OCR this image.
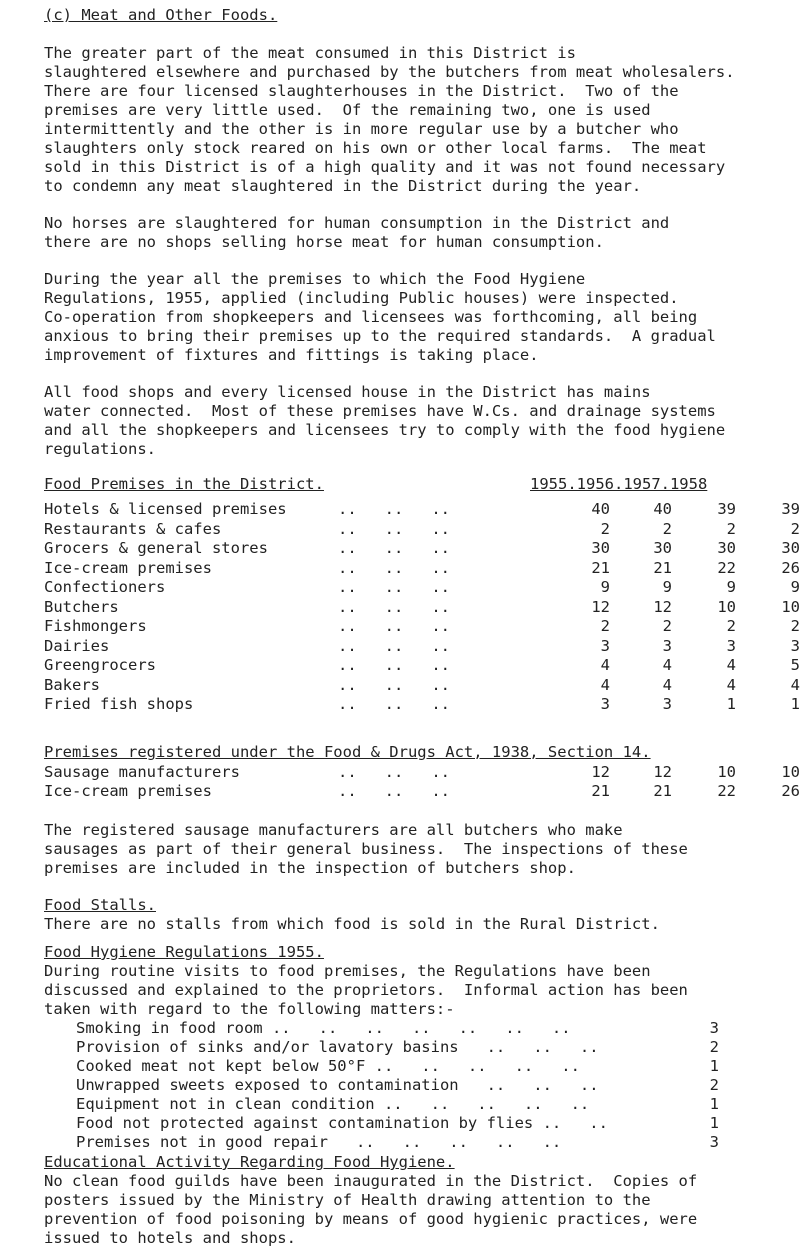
(c) Meat and Other Foods.
The greater part of the meat consumed in this District is
slaughtered elsewhere and purchased by the butchers from meat wholesalers.
There are four licensed slaughterhouses in the District.  Two of the
premises are very little used.  Of the remaining two, one is used
intermittently and the other is in more regular use by a butcher who
slaughters only stock reared on his own or other local farms.  The meat
sold in this District is of a high quality and it was not found necessary
to condemn any meat slaughtered in the District during the year.
No horses are slaughtered for human consumption in the District and
there are no shops selling horse meat for human consumption.
During the year all the premises to which the Food Hygiene
Regulations, 1955, applied (including Public houses) were inspected.
Co-operation from shopkeepers and licensees was forthcoming, all being
anxious to bring their premises up to the required standards.  A gradual
improvement of fixtures and fittings is taking place.
All food shops and every licensed house in the District has mains
water connected.  Most of these premises have W.Cs. and drainage systems
and all the shopkeepers and licensees try to comply with the food hygiene
regulations.
Food Premises in the District.	1955.1956.1957.1958
Hotels & licensed premises	..   ..   ..	40	40	39	39
Restaurants & cafes	..   ..   ..	2	2	2	2
Grocers & general stores	..   ..   ..	30	30	30	30
Ice-cream premises	..   ..   ..	21	21	22	26
Confectioners	..   ..   ..	9	9	9	9
Butchers	..   ..   ..	12	12	10	10
Fishmongers	..   ..   ..	2	2	2	2
Dairies	..   ..   ..	3	3	3	3
Greengrocers	..   ..   ..	4	4	4	5
Bakers	..   ..   ..	4	4	4	4
Fried fish shops	..   ..   ..	3	3	1	1
Premises registered under the Food & Drugs Act, 1938, Section 14.
Sausage manufacturers	..   ..   ..	12	12	10	10
Ice-cream premises	..   ..   ..	21	21	22	26
The registered sausage manufacturers are all butchers who make
sausages as part of their general business.  The inspections of these
premises are included in the inspection of butchers shop.
Food Stalls.
There are no stalls from which food is sold in the Rural District.
Food Hygiene Regulations 1955.
During routine visits to food premises, the Regulations have been
discussed and explained to the proprietors.  Informal action has been
taken with regard to the following matters:-
Smoking in food room ..   ..   ..   ..   ..   ..   ..	3
Provision of sinks and/or lavatory basins   ..   ..   ..	2
Cooked meat not kept below 50°F ..   ..   ..   ..   ..	1
Unwrapped sweets exposed to contamination   ..   ..   ..	2
Equipment not in clean condition ..   ..   ..   ..   ..	1
Food not protected against contamination by flies ..   ..	1
Premises not in good repair   ..   ..   ..   ..   ..	3
Educational Activity Regarding Food Hygiene.
No clean food guilds have been inaugurated in the District.  Copies of
posters issued by the Ministry of Health drawing attention to the
prevention of food poisoning by means of good hygienic practices, were
issued to hotels and shops.
